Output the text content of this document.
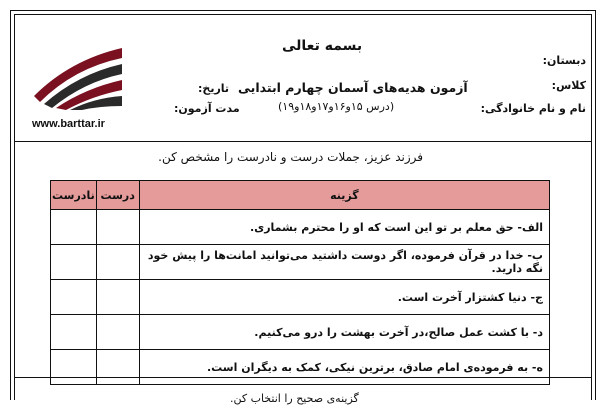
بسمه تعالی
آزمون هدیه‌های آسمان چهارم ابتدایی
(درس ۱۵و۱۶و۱۷و۱۸و۱۹)
دبستان:
کلاس:
نام و نام خانوادگی:
تاریخ:
مدت آزمون:
www.barttar.ir
فرزند عزیز، جملات درست و نادرست را مشخص کن.
گزینه	درست	نادرست
الف- حق معلم بر تو این است که او را محترم بشماری.		
ب- خدا در قرآن فرموده، اگر دوست داشتید می‌توانید امانت‌ها را پیش خود نگه دارید.		
ج- دنیا کشتزار آخرت است.		
د- با کشت عمل صالح،در آخرت بهشت را درو می‌کنیم.		
ه- به فرموده‌ی امام صادق، برترین نیکی، کمک به دیگران است.		
گزینه‌ی صحیح را انتخاب کن.
